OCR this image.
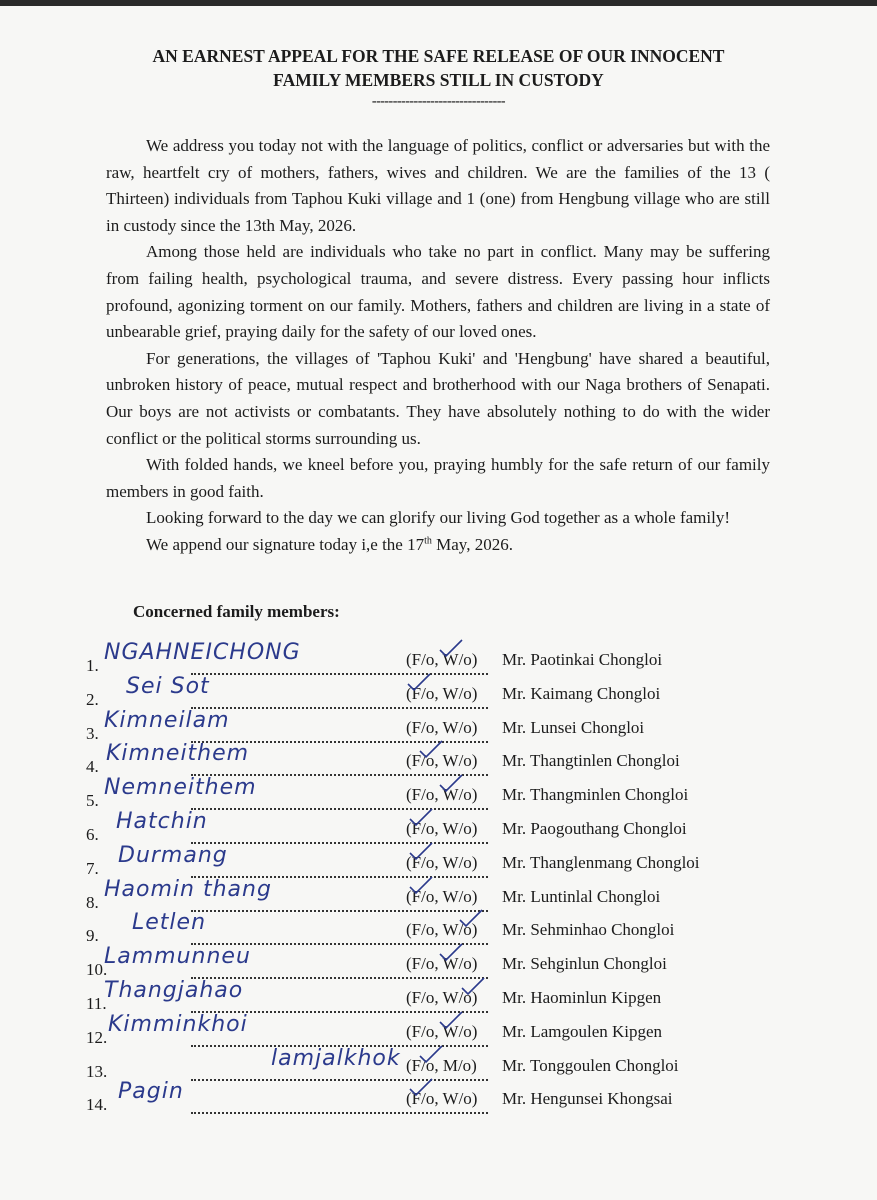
AN EARNEST APPEAL FOR THE SAFE RELEASE OF OUR INNOCENT
FAMILY MEMBERS STILL IN CUSTODY
--------------------------------

We address you today not with the language of politics, conflict or adversaries but with the raw, heartfelt cry of mothers, fathers, wives and children. We are the families of the 13 ( Thirteen) individuals from Taphou Kuki village and 1 (one) from Hengbung village who are still in custody since the 13th May, 2026.

Among those held are individuals who take no part in conflict. Many may be suffering from failing health, psychological trauma, and severe distress. Every passing hour inflicts profound, agonizing torment on our family. Mothers, fathers and children are living in a state of unbearable grief, praying daily for the safety of our loved ones.

For generations, the villages of 'Taphou Kuki' and 'Hengbung' have shared a beautiful, unbroken history of peace, mutual respect and brotherhood with our Naga brothers of Senapati. Our boys are not activists or combatants. They have absolutely nothing to do with the wider conflict or the political storms surrounding us.

With folded hands, we kneel before you, praying humbly for the safe return of our family members in good faith.

Looking forward to the day we can glorify our living God together as a whole family!

We append our signature today i,e the 17th May, 2026.

Concerned family members:
1.
NGAHNEICHONG	(F/o, W/o) Mr. Paotinkai Chongloi
2.
Sei Sot	(F/o, W/o) Mr. Kaimang Chongloi
3.
Kimneilam	(F/o, W/o) Mr. Lunsei Chongloi
4.
Kimneithem	(F/o, W/o) Mr. Thangtinlen Chongloi
5.
Nemneithem	(F/o, W/o) Mr. Thangminlen Chongloi
6.
Hatchin	(F/o, W/o) Mr. Paogouthang Chongloi
7.
Durmang	(F/o, W/o) Mr. Thanglenmang Chongloi
8.
Haomin thang	(F/o, W/o) Mr. Luntinlal Chongloi
9.
Letlen	(F/o, W/o) Mr. Sehminhao Chongloi
10.
Lammunneu	(F/o, W/o) Mr. Sehginlun Chongloi
11.
Thangjahao	(F/o, W/o) Mr. Haominlun Kipgen
12.
Kimminkhoi	(F/o, W/o) Mr. Lamgoulen Kipgen
13.
lamjalkhok (F/o, M/o) Mr. Tonggoulen Chongloi
14.
Pagin	(F/o, W/o) Mr. Hengunsei Khongsai
